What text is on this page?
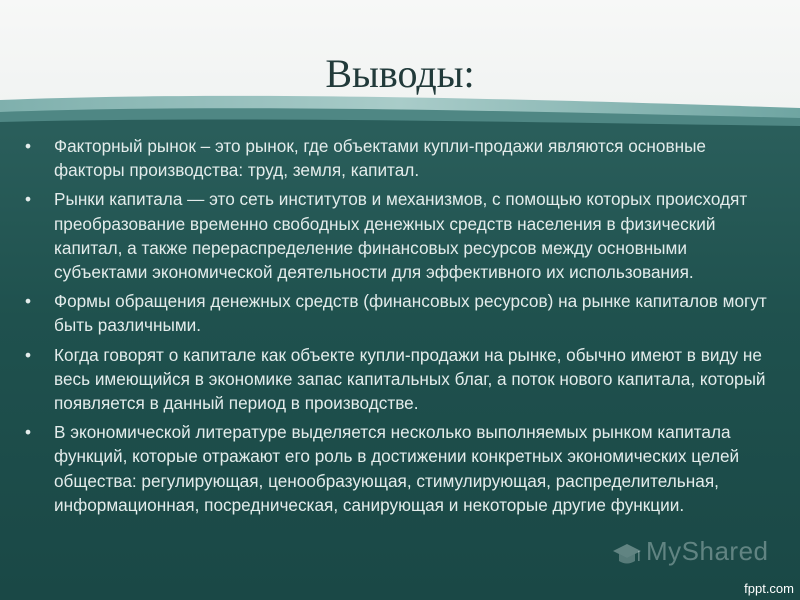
Выводы:
• Факторный рынок – это рынок, где объектами купли-продажи являются основные факторы производства: труд, земля, капитал.
• Рынки капитала — это сеть институтов и механизмов, с помощью которых происходят преобразование временно свободных денежных средств населения в физический капитал, а также перераспределение финансовых ресурсов между основными субъектами экономической деятельности для эффективного их использования.
• Формы обращения денежных средств (финансовых ресурсов) на рынке капиталов могут быть различными.
• Когда говорят о капитале как объекте купли-продажи на рынке, обычно имеют в виду не весь имеющийся в экономике запас капитальных благ, а поток нового капитала, который появляется в данный период в производстве.
• В экономической литературе выделяется несколько выполняемых рынком капитала функций, которые отражают его роль в достижении конкретных экономических целей общества: регулирующая, ценообразующая, стимулирующая, распределительная, информационная, посредническая, санирующая и некоторые другие функции.
MyShared
fppt.com
